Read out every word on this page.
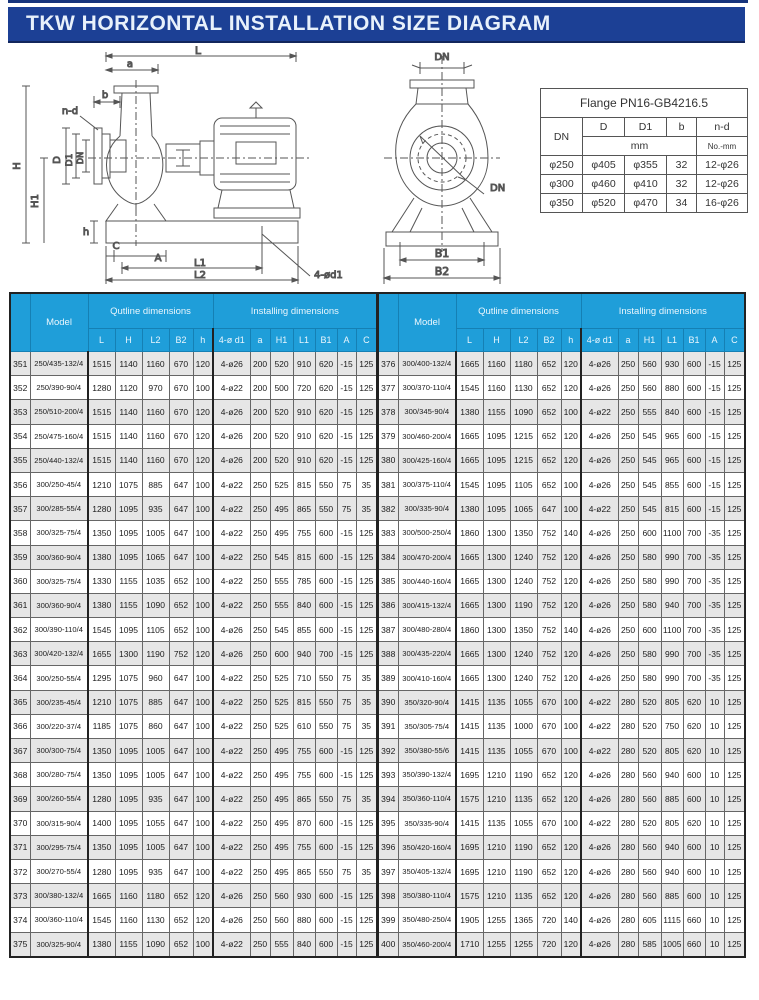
TKW HORIZONTAL INSTALLATION SIZE DIAGRAM
L
a
b
n-d
D D1 DN
H
H1
h
C
A	L1
L2	4-ød1
DN
DN
B1
B2
Flange PN16-GB4216.5				
DN	D	D1	b	n-d
	mm			No.-mm
φ250	φ405	φ355	32	12-φ26
φ300	φ460	φ410	32	12-φ26
φ350	φ520	φ470	34	16-φ26
	Model	Qutline dimensions					Installing dimensions						
		L	H	L2	B2	h	4-ø d1	a	H1	L1	B1	A	C
351	250/435-132/4	1515	1140	1160	670	120	4-ø26	200	520	910	620	-15	125
352	250/390-90/4	1280	1120	970	670	100	4-ø22	200	500	720	620	-15	125
353	250/510-200/4	1515	1140	1160	670	120	4-ø26	200	520	910	620	-15	125
354	250/475-160/4	1515	1140	1160	670	120	4-ø26	200	520	910	620	-15	125
355	250/440-132/4	1515	1140	1160	670	120	4-ø26	200	520	910	620	-15	125
356	300/250-45/4	1210	1075	885	647	100	4-ø22	250	525	815	550	75	35
357	300/285-55/4	1280	1095	935	647	100	4-ø22	250	495	865	550	75	35
358	300/325-75/4	1350	1095	1005	647	100	4-ø22	250	495	755	600	-15	125
359	300/360-90/4	1380	1095	1065	647	100	4-ø22	250	545	815	600	-15	125
360	300/325-75/4	1330	1155	1035	652	100	4-ø22	250	555	785	600	-15	125
361	300/360-90/4	1380	1155	1090	652	100	4-ø22	250	555	840	600	-15	125
362	300/390-110/4	1545	1095	1105	652	100	4-ø26	250	545	855	600	-15	125
363	300/420-132/4	1655	1300	1190	752	120	4-ø26	250	600	940	700	-15	125
364	300/250-55/4	1295	1075	960	647	100	4-ø22	250	525	710	550	75	35
365	300/235-45/4	1210	1075	885	647	100	4-ø22	250	525	815	550	75	35
366	300/220-37/4	1185	1075	860	647	100	4-ø22	250	525	610	550	75	35
367	300/300-75/4	1350	1095	1005	647	100	4-ø22	250	495	755	600	-15	125
368	300/280-75/4	1350	1095	1005	647	100	4-ø22	250	495	755	600	-15	125
369	300/260-55/4	1280	1095	935	647	100	4-ø22	250	495	865	550	75	35
370	300/315-90/4	1400	1095	1055	647	100	4-ø22	250	495	870	600	-15	125
371	300/295-75/4	1350	1095	1005	647	100	4-ø22	250	495	755	600	-15	125
372	300/270-55/4	1280	1095	935	647	100	4-ø22	250	495	865	550	75	35
373	300/380-132/4	1665	1160	1180	652	120	4-ø26	250	560	930	600	-15	125
374	300/360-110/4	1545	1160	1130	652	120	4-ø26	250	560	880	600	-15	125
375	300/325-90/4	1380	1155	1090	652	100	4-ø22	250	555	840	600	-15	125
	Model	Qutline dimensions					Installing dimensions						
		L	H	L2	B2	h	4-ø d1	a	H1	L1	B1	A	C
376	300/400-132/4	1665	1160	1180	652	120	4-ø26	250	560	930	600	-15	125
377	300/370-110/4	1545	1160	1130	652	120	4-ø26	250	560	880	600	-15	125
378	300/345-90/4	1380	1155	1090	652	100	4-ø22	250	555	840	600	-15	125
379	300/460-200/4	1665	1095	1215	652	120	4-ø26	250	545	965	600	-15	125
380	300/425-160/4	1665	1095	1215	652	120	4-ø26	250	545	965	600	-15	125
381	300/375-110/4	1545	1095	1105	652	100	4-ø26	250	545	855	600	-15	125
382	300/335-90/4	1380	1095	1065	647	100	4-ø22	250	545	815	600	-15	125
383	300/500-250/4	1860	1300	1350	752	140	4-ø26	250	600	1100	700	-35	125
384	300/470-200/4	1665	1300	1240	752	120	4-ø26	250	580	990	700	-35	125
385	300/440-160/4	1665	1300	1240	752	120	4-ø26	250	580	990	700	-35	125
386	300/415-132/4	1665	1300	1190	752	120	4-ø26	250	580	940	700	-35	125
387	300/480-280/4	1860	1300	1350	752	140	4-ø26	250	600	1100	700	-35	125
388	300/435-220/4	1665	1300	1240	752	120	4-ø26	250	580	990	700	-35	125
389	300/410-160/4	1665	1300	1240	752	120	4-ø26	250	580	990	700	-35	125
390	350/320-90/4	1415	1135	1055	670	100	4-ø22	280	520	805	620	10	125
391	350/305-75/4	1415	1135	1000	670	100	4-ø22	280	520	750	620	10	125
392	350/380-55/6	1415	1135	1055	670	100	4-ø22	280	520	805	620	10	125
393	350/390-132/4	1695	1210	1190	652	120	4-ø26	280	560	940	600	10	125
394	350/360-110/4	1575	1210	1135	652	120	4-ø26	280	560	885	600	10	125
395	350/335-90/4	1415	1135	1055	670	100	4-ø22	280	520	805	620	10	125
396	350/420-160/4	1695	1210	1190	652	120	4-ø26	280	560	940	600	10	125
397	350/405-132/4	1695	1210	1190	652	120	4-ø26	280	560	940	600	10	125
398	350/380-110/4	1575	1210	1135	652	120	4-ø26	280	560	885	600	10	125
399	350/480-250/4	1905	1255	1365	720	140	4-ø26	280	605	1115	660	10	125
400	350/460-200/4	1710	1255	1255	720	120	4-ø26	280	585	1005	660	10	125
